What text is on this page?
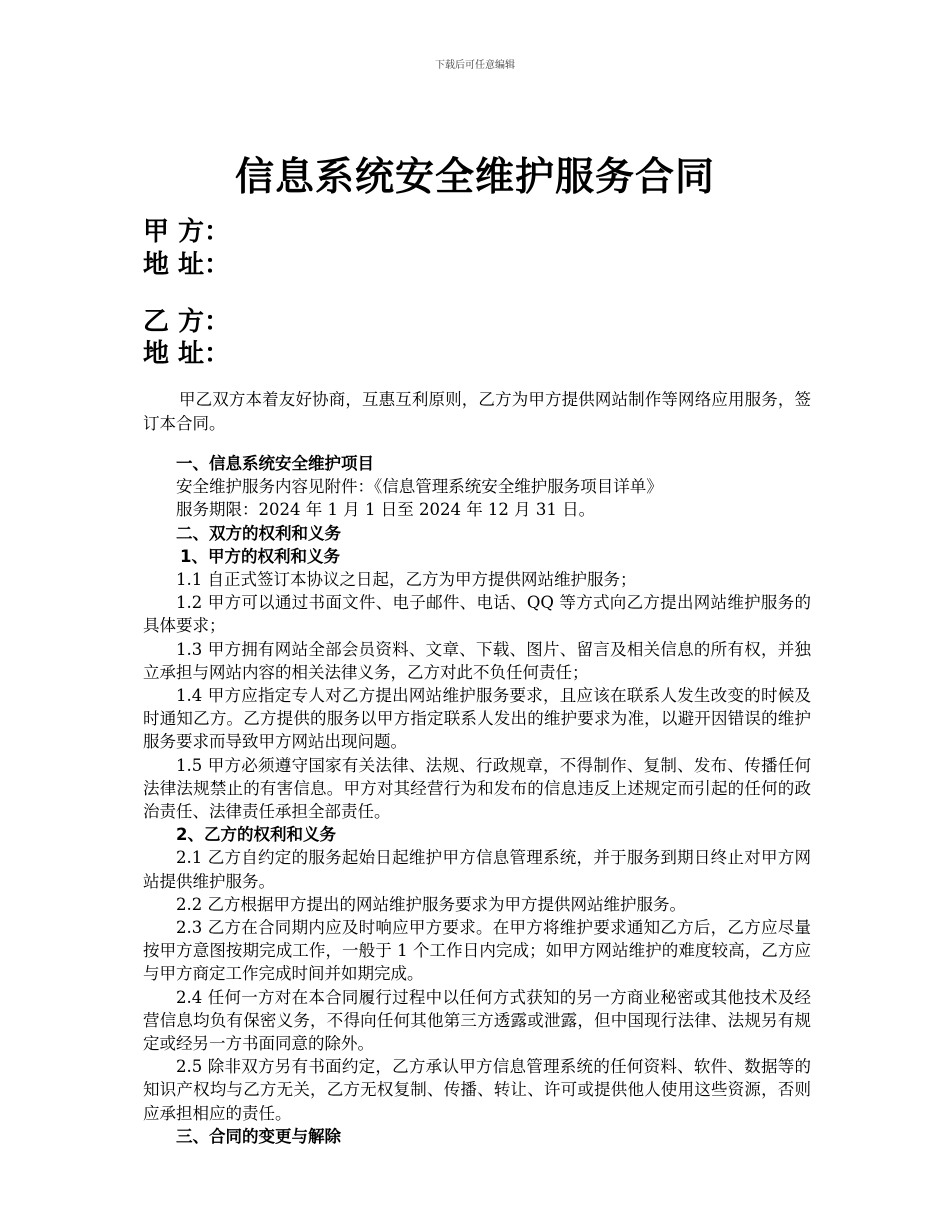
下载后可任意编辑
信息系统安全维护服务合同
甲 方：
地 址：
乙 方：
地 址：

甲乙双方本着友好协商，互惠互利原则，乙方为甲方提供网站制作等网络应用服务，签订本合同。

一、信息系统安全维护项目

安全维护服务内容见附件：《信息管理系统安全维护服务项目详单》

服务期限：2024 年 1 月 1 日至 2024 年 12 月 31 日。

二、双方的权利和义务

1、甲方的权利和义务

1.1 自正式签订本协议之日起，乙方为甲方提供网站维护服务；

1.2 甲方可以通过书面文件、电子邮件、电话、QQ 等方式向乙方提出网站维护服务的具体要求；

1.3 甲方拥有网站全部会员资料、文章、下载、图片、留言及相关信息的所有权，并独立承担与网站内容的相关法律义务，乙方对此不负任何责任；

1.4 甲方应指定专人对乙方提出网站维护服务要求，且应该在联系人发生改变的时候及时通知乙方。乙方提供的服务以甲方指定联系人发出的维护要求为准，以避开因错误的维护服务要求而导致甲方网站出现问题。

1.5 甲方必须遵守国家有关法律、法规、行政规章，不得制作、复制、发布、传播任何法律法规禁止的有害信息。甲方对其经营行为和发布的信息违反上述规定而引起的任何的政治责任、法律责任承担全部责任。

2、乙方的权利和义务

2.1 乙方自约定的服务起始日起维护甲方信息管理系统，并于服务到期日终止对甲方网站提供维护服务。

2.2 乙方根据甲方提出的网站维护服务要求为甲方提供网站维护服务。

2.3 乙方在合同期内应及时响应甲方要求。在甲方将维护要求通知乙方后，乙方应尽量按甲方意图按期完成工作，一般于 1 个工作日内完成；如甲方网站维护的难度较高，乙方应与甲方商定工作完成时间并如期完成。

2.4 任何一方对在本合同履行过程中以任何方式获知的另一方商业秘密或其他技术及经营信息均负有保密义务，不得向任何其他第三方透露或泄露，但中国现行法律、法规另有规定或经另一方书面同意的除外。

2.5 除非双方另有书面约定，乙方承认甲方信息管理系统的任何资料、软件、数据等的知识产权均与乙方无关，乙方无权复制、传播、转让、许可或提供他人使用这些资源，否则应承担相应的责任。

三、合同的变更与解除
